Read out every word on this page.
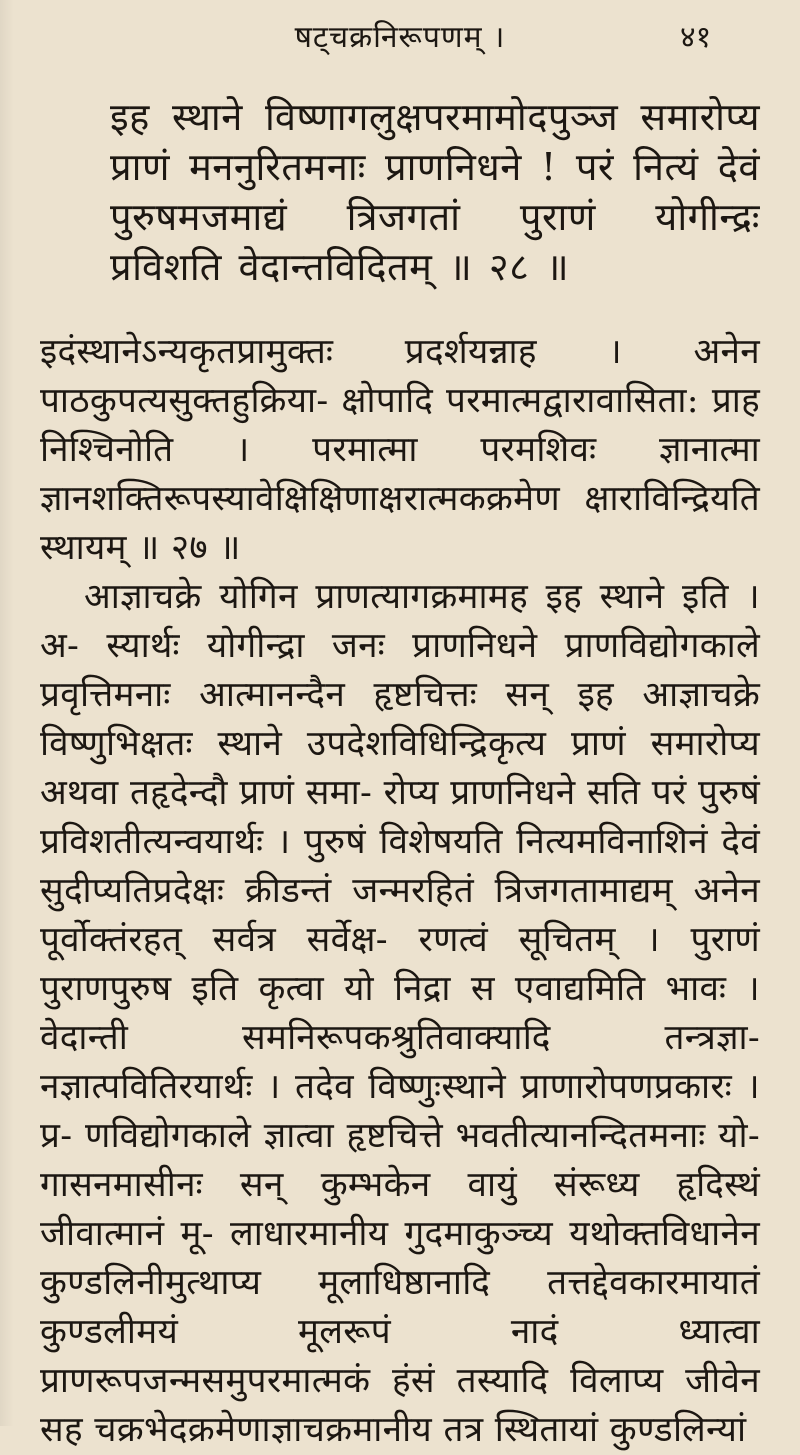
षट्चक्रनिरूपणम् ।	४१
इह स्थाने विष्णागलुक्षपरमामोदपुञ्ज समारोप्य प्राणं मननुरितमनाः प्राणनिधने ! परं नित्यं देवं पुरुषमजमाद्यं त्रिजगतां पुराणं योगीन्द्रः प्रविशति वेदान्तविदितम् ॥ २८ ॥

इदंस्थानेऽन्यकृतप्रामुक्तः प्रदर्शयन्नाह । अनेन पाठकुपत्यसुक्तहुक्रिया- क्षोपादि परमात्मद्वारावासिता: प्राह निश्चिनोति । परमात्मा परमशिवः ज्ञानात्मा ज्ञानशक्तिरूपस्यावेक्षिक्षिणाक्षरात्मकक्रमेण क्षाराविन्द्रियति स्थायम् ॥ २७ ॥

आज्ञाचक्रे योगिन प्राणत्यागक्रमामह इह स्थाने इति । अ- स्यार्थः योगीन्द्रा जनः प्राणनिधने प्राणविद्योगकाले प्रवृत्तिमनाः आत्मानन्दैन हृष्टचित्तः सन् इह आज्ञाचक्रे विष्णुभिक्षतः स्थाने उपदेशविधिन्द्रिकृत्य प्राणं समारोप्य अथवा तहृदेन्दौ प्राणं समा- रोप्य प्राणनिधने सति परं पुरुषं प्रविशतीत्यन्वयार्थः । पुरुषं विशेषयति नित्यमविनाशिनं देवं सुदीप्यतिप्रदेक्षः क्रीडन्तं जन्मरहितं त्रिजगतामाद्यम् अनेन पूर्वोक्तंरहत् सर्वत्र सर्वेक्ष- रणत्वं सूचितम् । पुराणं पुराणपुरुष इति कृत्वा यो निद्रा स एवाद्यमिति भावः । वेदान्ती समनिरूपकश्रुतिवाक्यादि तन्त्रज्ञा- नज्ञात्पवितिरयार्थः । तदेव विष्णुःस्थाने प्राणारोपणप्रकारः । प्र- णविद्योगकाले ज्ञात्वा हृष्टचित्ते भवतीत्यानन्दितमनाः यो- गासनमासीनः सन् कुम्भकेन वायुं संरूध्य हृदिस्थं जीवात्मानं मू- लाधारमानीय गुदमाकुञ्च्य यथोक्तविधानेन कुण्डलिनीमुत्थाप्य मूलाधिष्ठानादि तत्तद्देवकारमायातं कुण्डलीमयं मूलरूपं नादं ध्यात्वा प्राणरूपजन्मसमुपरमात्मकं हंसं तस्यादि विलाप्य जीवेन सह चक्रभेदक्रमेणाज्ञाचक्रमानीय तत्र स्थितायां कुण्डलिन्यां
